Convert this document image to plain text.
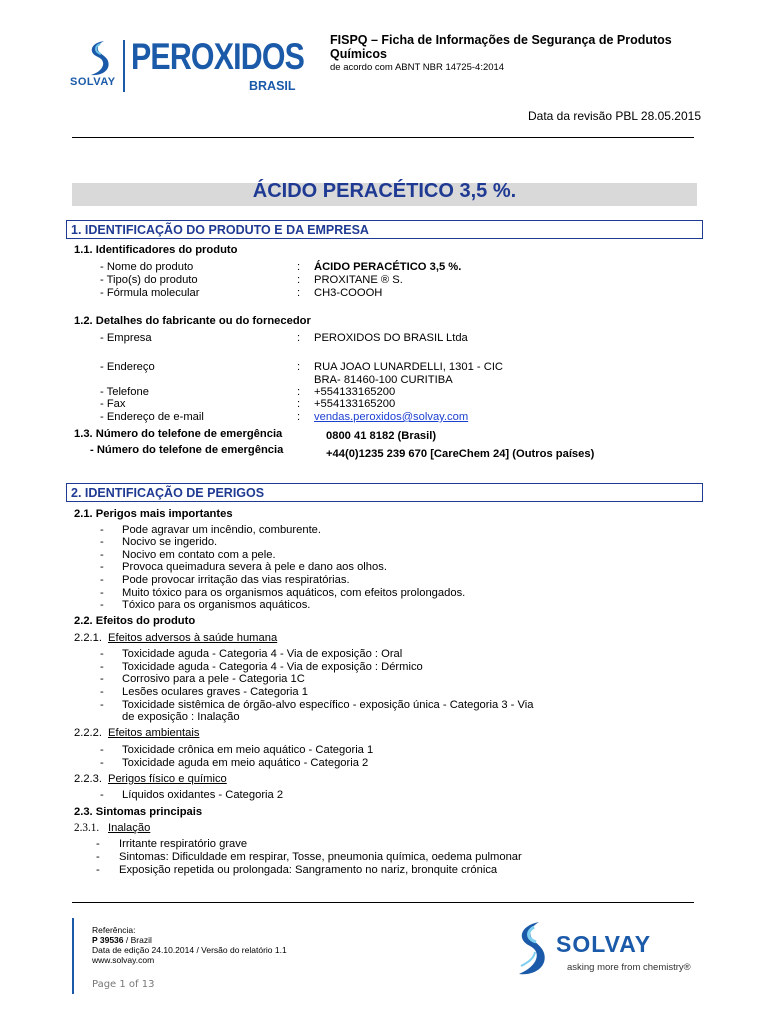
SOLVAY
PEROXIDOS
BRASIL
FISPQ – Ficha de Informações de Segurança de Produtos Químicos
de acordo com ABNT NBR 14725-4:2014
Data da revisão PBL 28.05.2015
ÁCIDO PERACÉTICO 3,5 %.
1. IDENTIFICAÇÃO DO PRODUTO E DA EMPRESA
1.1. Identificadores do produto
- Nome do produto	: ÁCIDO PERACÉTICO 3,5 %.
- Tipo(s) do produto	: PROXITANE ® S.
- Fórmula molecular	: CH3-COOOH
1.2. Detalhes do fabricante ou do fornecedor
- Empresa	: PEROXIDOS DO BRASIL Ltda
- Endereço	: RUA JOAO LUNARDELLI, 1301 - CIC
BRA- 81460-100 CURITIBA
- Telefone	: +554133165200
- Fax	: +554133165200
- Endereço de e-mail	: vendas.peroxidos@solvay.com
1.3. Número do telefone de emergência	0800 41 8182 (Brasil)
- Número do telefone de emergência	+44(0)1235 239 670 [CareChem 24] (Outros países)
2. IDENTIFICAÇÃO DE PERIGOS
2.1. Perigos mais importantes
- Pode agravar um incêndio, comburente.
- Nocivo se ingerido.
- Nocivo em contato com a pele.
- Provoca queimadura severa à pele e dano aos olhos.
- Pode provocar irritação das vias respiratórias.
- Muito tóxico para os organismos aquáticos, com efeitos prolongados.
- Tóxico para os organismos aquáticos.
2.2. Efeitos do produto
2.2.1. Efeitos adversos à saúde humana
- Toxicidade aguda - Categoria 4 - Via de exposição : Oral
- Toxicidade aguda - Categoria 4 - Via de exposição : Dérmico
- Corrosivo para a pele - Categoria 1C
- Lesões oculares graves - Categoria 1
- Toxicidade sistêmica de órgão-alvo específico - exposição única - Categoria 3 - Via
de exposição : Inalação
2.2.2. Efeitos ambientais
- Toxicidade crônica em meio aquático - Categoria 1
- Toxicidade aguda em meio aquático - Categoria 2
2.2.3. Perigos físico e químico
- Líquidos oxidantes - Categoria 2
2.3. Sintomas principais
2.3.1. Inalação
- Irritante respiratório grave
- Sintomas: Dificuldade em respirar, Tosse, pneumonia química, oedema pulmonar
- Exposição repetida ou prolongada: Sangramento no nariz, bronquite crónica
Referência:
P 39536 / Brazil
Data de edição 24.10.2014 / Versão do relatório 1.1
www.solvay.com
Page 1 of 13
SOLVAY
asking more from chemistry®
